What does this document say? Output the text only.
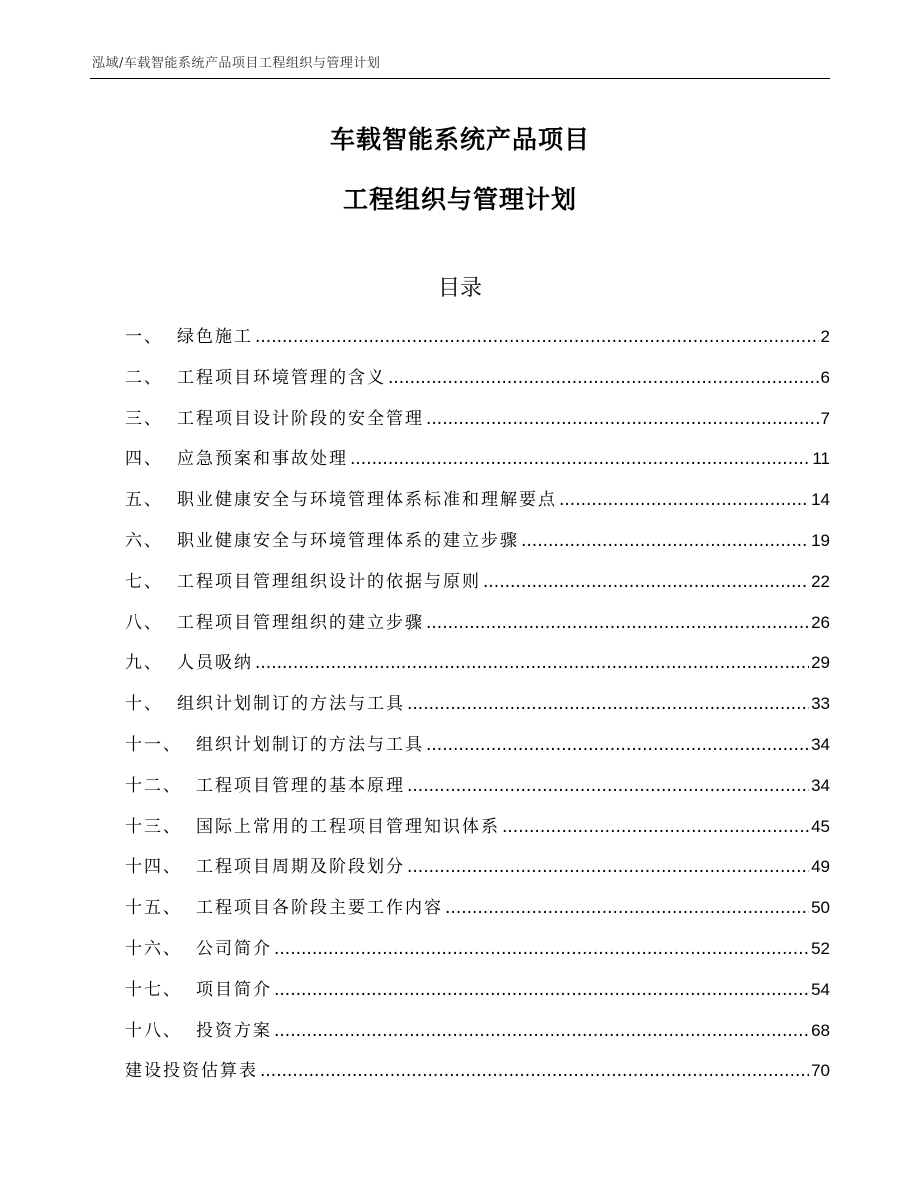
泓域/车载智能系统产品项目工程组织与管理计划
车载智能系统产品项目
工程组织与管理计划
目录
一、 绿色施工 .....	2
二、 工程项目环境管理的含义 .....	6
三、 工程项目设计阶段的安全管理 .....	7
四、 应急预案和事故处理 .....	11
五、 职业健康安全与环境管理体系标准和理解要点 .....	14
六、 职业健康安全与环境管理体系的建立步骤 .....	19
七、 工程项目管理组织设计的依据与原则 .....	22
八、 工程项目管理组织的建立步骤 .....	26
九、 人员吸纳 .....	29
十、 组织计划制订的方法与工具 .....	33
十一、 组织计划制订的方法与工具 .....	34
十二、 工程项目管理的基本原理 .....	34
十三、 国际上常用的工程项目管理知识体系 .....	45
十四、 工程项目周期及阶段划分 .....	49
十五、 工程项目各阶段主要工作内容 .....	50
十六、 公司简介 .....	52
十七、 项目简介 .....	54
十八、 投资方案 .....	68
建设投资估算表 .....	70
